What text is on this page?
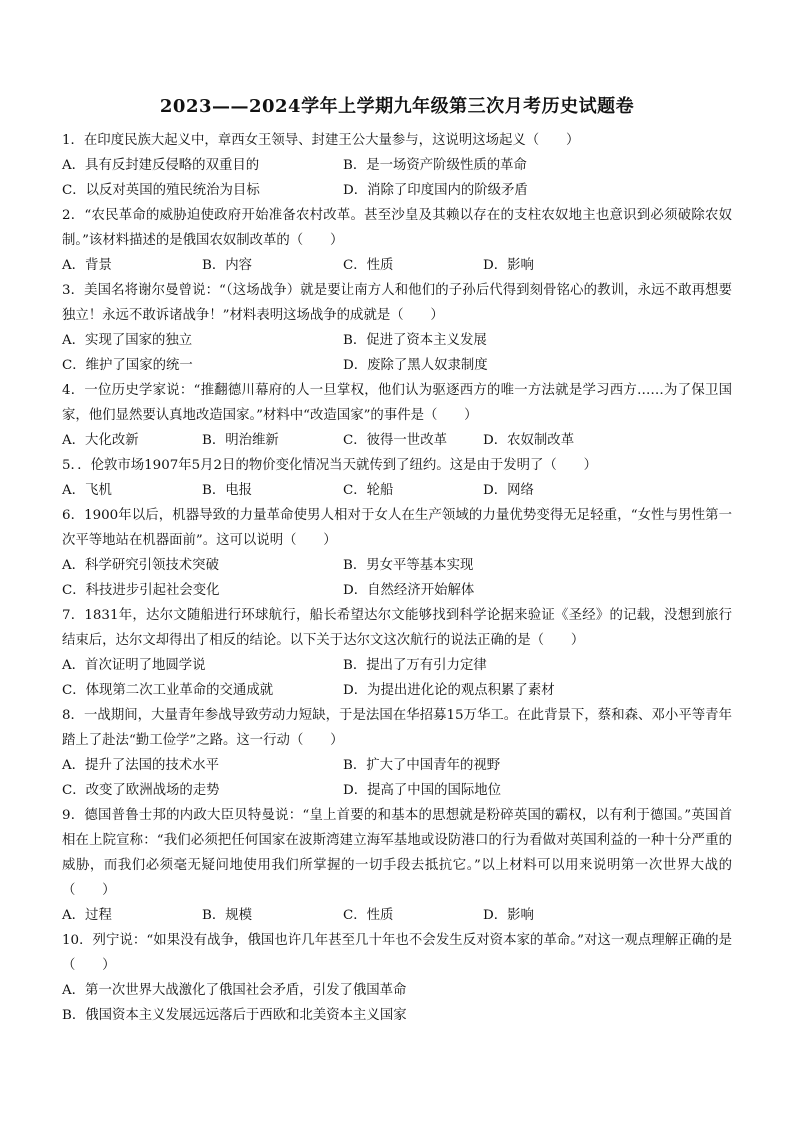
2023——2024学年上学期九年级第三次月考历史试题卷
1．在印度民族大起义中，章西女王领导、封建王公大量参与，这说明这场起义（　　）
A．具有反封建反侵略的双重目的	B．是一场资产阶级性质的革命
C．以反对英国的殖民统治为目标	D．消除了印度国内的阶级矛盾
2．“农民革命的威胁迫使政府开始准备农村改革。甚至沙皇及其赖以存在的支柱农奴地主也意识到必须破除农奴制。”该材料描述的是俄国农奴制改革的（　　）
A．背景	B．内容	C．性质	D．影响
3．美国名将谢尔曼曾说：“（这场战争）就是要让南方人和他们的子孙后代得到刻骨铭心的教训，永远不敢再想要独立！永远不敢诉诸战争！”材料表明这场战争的成就是（　　）
A．实现了国家的独立	B．促进了资本主义发展
C．维护了国家的统一	D．废除了黑人奴隶制度
4．一位历史学家说：“推翻德川幕府的人一旦掌权，他们认为驱逐西方的唯一方法就是学习西方……为了保卫国家，他们显然要认真地改造国家。”材料中“改造国家”的事件是（　　）
A．大化改新	B．明治维新	C．彼得一世改革	D．农奴制改革
5．．伦敦市场1907年5月2日的物价变化情况当天就传到了纽约。这是由于发明了（　　）
A．飞机	B．电报	C．轮船	D．网络
6．1900年以后，机器导致的力量革命使男人相对于女人在生产领域的力量优势变得无足轻重，“女性与男性第一次平等地站在机器面前”。这可以说明（　　）
A．科学研究引领技术突破	B．男女平等基本实现
C．科技进步引起社会变化	D．自然经济开始解体
7．1831年，达尔文随船进行环球航行，船长希望达尔文能够找到科学论据来验证《圣经》的记载，没想到旅行结束后，达尔文却得出了相反的结论。以下关于达尔文这次航行的说法正确的是（　　）
A．首次证明了地圆学说	B．提出了万有引力定律
C．体现第二次工业革命的交通成就	D．为提出进化论的观点积累了素材
8．一战期间，大量青年参战导致劳动力短缺，于是法国在华招募15万华工。在此背景下，蔡和森、邓小平等青年踏上了赴法“勤工俭学”之路。这一行动（　　）
A．提升了法国的技术水平	B．扩大了中国青年的视野
C．改变了欧洲战场的走势	D．提高了中国的国际地位
9．德国普鲁士邦的内政大臣贝特曼说：“皇上首要的和基本的思想就是粉碎英国的霸权，以有利于德国。”英国首相在上院宣称：“我们必须把任何国家在波斯湾建立海军基地或设防港口的行为看做对英国利益的一种十分严重的威胁，而我们必须毫无疑问地使用我们所掌握的一切手段去抵抗它。”以上材料可以用来说明第一次世界大战的（　　）
A．过程	B．规模	C．性质	D．影响
10．列宁说：“如果没有战争，俄国也许几年甚至几十年也不会发生反对资本家的革命。”对这一观点理解正确的是（　　）
A．第一次世界大战激化了俄国社会矛盾，引发了俄国革命
B．俄国资本主义发展远远落后于西欧和北美资本主义国家
